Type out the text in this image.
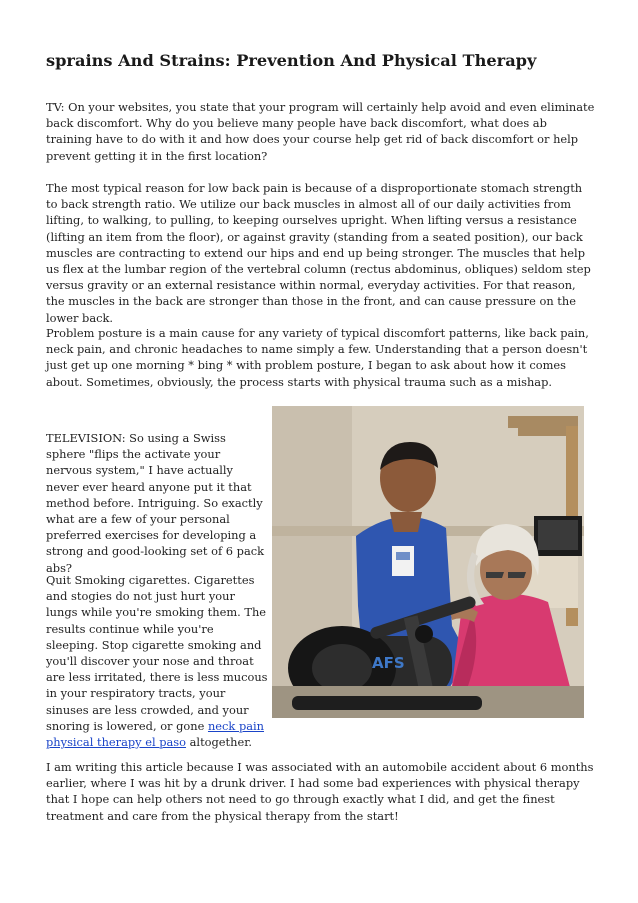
sprains And Strains: Prevention And Physical Therapy

TV: On your websites, you state that your program will certainly help avoid and even eliminate back discomfort. Why do you believe many people have back discomfort, what does ab training have to do with it and how does your course help get rid of back discomfort or help prevent getting it in the first location?

The most typical reason for low back pain is because of a disproportionate stomach strength to back strength ratio. We utilize our back muscles in almost all of our daily activities from lifting, to walking, to pulling, to keeping ourselves upright. When lifting versus a resistance (lifting an item from the floor), or against gravity (standing from a seated position), our back muscles are contracting to extend our hips and end up being stronger. The muscles that help us flex at the lumbar region of the vertebral column (rectus abdominus, obliques) seldom step versus gravity or an external resistance within normal, everyday activities. For that reason, the muscles in the back are stronger than those in the front, and can cause pressure on the lower back.

Problem posture is a main cause for any variety of typical discomfort patterns, like back pain, neck pain, and chronic headaches to name simply a few. Understanding that a person doesn't just get up one morning * bing * with problem posture, I began to ask about how it comes about. Sometimes, obviously, the process starts with physical trauma such as a mishap.

TELEVISION: So using a Swiss sphere "flips the activate your nervous system," I have actually never ever heard anyone put it that method before. Intriguing. So exactly what are a few of your personal preferred exercises for developing a strong and good-looking set of 6 pack abs?

Quit Smoking cigarettes. Cigarettes and stogies do not just hurt your lungs while you're smoking them. The results continue while you're sleeping. Stop cigarette smoking and you'll discover your nose and throat are less irritated, there is less mucous in your respiratory tracts, your sinuses are less crowded, and your snoring is lowered, or gone neck pain physical therapy el paso altogether.

I am writing this article because I was associated with an automobile accident about 6 months earlier, where I was hit by a drunk driver. I had some bad experiences with physical therapy that I hope can help others not need to go through exactly what I did, and get the finest treatment and care from the physical therapy from the start!

AFS
